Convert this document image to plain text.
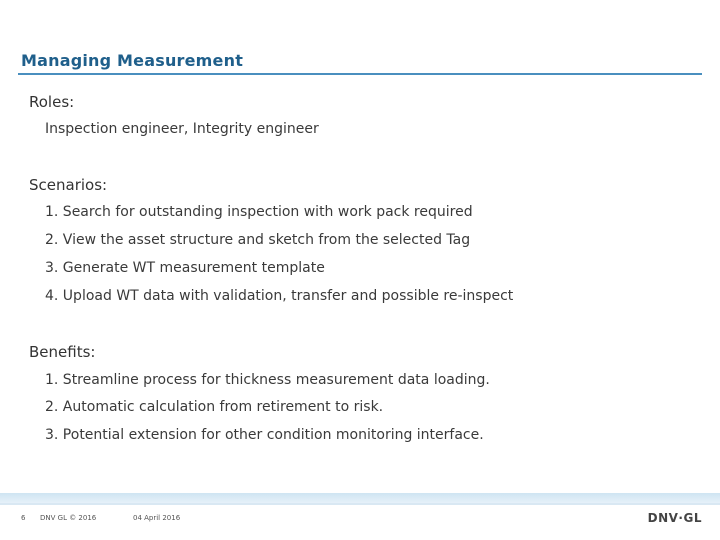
Managing Measurement
Roles:
Inspection engineer, Integrity engineer
Scenarios:
1. Search for outstanding inspection with work pack required
2. View the asset structure and sketch from the selected Tag
3. Generate WT measurement template
4. Upload WT data with validation, transfer and possible re-inspect
Benefits:
1. Streamline process for thickness measurement data loading.
2. Automatic calculation from retirement to risk.
3. Potential extension for other condition monitoring interface.
6 DNV GL © 2016	04 April 2016	DNV·GL
